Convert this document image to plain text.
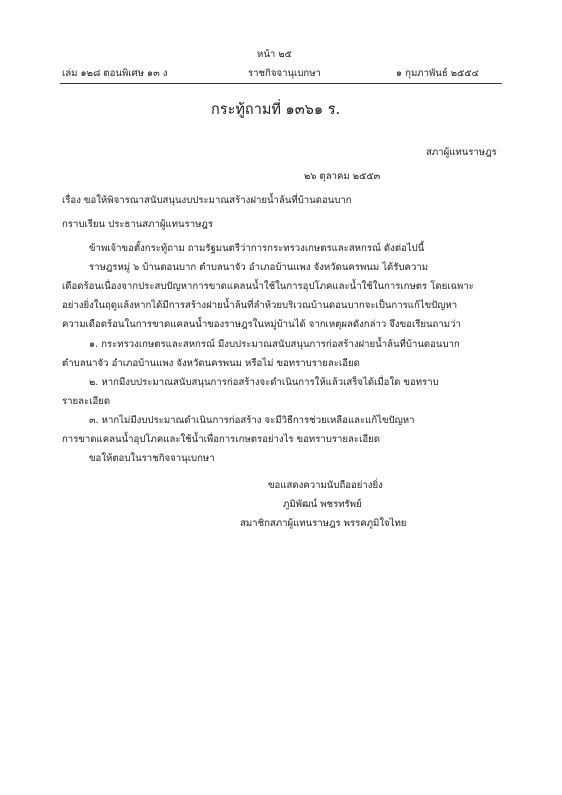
หน้า ๒๕
เล่ม ๑๒๘ ตอนพิเศษ ๑๓ ง	ราชกิจจานุเบกษา	๑ กุมภาพันธ์ ๒๕๕๔
กระทู้ถามที่ ๑๓๖๑ ร.
สภาผู้แทนราษฎร
๒๖ ตุลาคม ๒๕๕๓
เรื่อง ขอให้พิจารณาสนับสนุนงบประมาณสร้างฝายน้ำล้นที่บ้านดอนบาก
กราบเรียน ประธานสภาผู้แทนราษฎร
ข้าพเจ้าขอตั้งกระทู้ถาม ถามรัฐมนตรีว่าการกระทรวงเกษตรและสหกรณ์ ดังต่อไปนี้
ราษฎรหมู่ ๖ บ้านดอนบาก ตำบลนาจัว อำเภอบ้านแพง จังหวัดนครพนม ได้รับความ
เดือดร้อนเนื่องจากประสบปัญหาการขาดแคลนน้ำใช้ในการอุปโภคและน้ำใช้ในการเกษตร โดยเฉพาะ
อย่างยิ่งในฤดูแล้งหากได้มีการสร้างฝายน้ำล้นที่ลำห้วยบริเวณบ้านดอนบากจะเป็นการแก้ไขปัญหา
ความเดือดร้อนในการขาดแคลนน้ำของราษฎรในหมู่บ้านได้ จากเหตุผลดังกล่าว จึงขอเรียนถามว่า
๑. กระทรวงเกษตรและสหกรณ์ มีงบประมาณสนับสนุนการก่อสร้างฝายน้ำล้นที่บ้านดอนบาก
ตำบลนาจัว อำเภอบ้านแพง จังหวัดนครพนม หรือไม่ ขอทราบรายละเอียด
๒. หากมีงบประมาณสนับสนุนการก่อสร้างจะดำเนินการให้แล้วเสร็จได้เมื่อใด ขอทราบ
รายละเอียด
๓. หากไม่มีงบประมาณดำเนินการก่อสร้าง จะมีวิธีการช่วยเหลือและแก้ไขปัญหา
การขาดแคลนน้ำอุปโภคและใช้น้ำเพื่อการเกษตรอย่างไร ขอทราบรายละเอียด
ขอให้ตอบในราชกิจจานุเบกษา
ขอแสดงความนับถืออย่างยิ่ง
ภูมิพัฒน์ พชรทรัพย์
สมาชิกสภาผู้แทนราษฎร พรรคภูมิใจไทย
